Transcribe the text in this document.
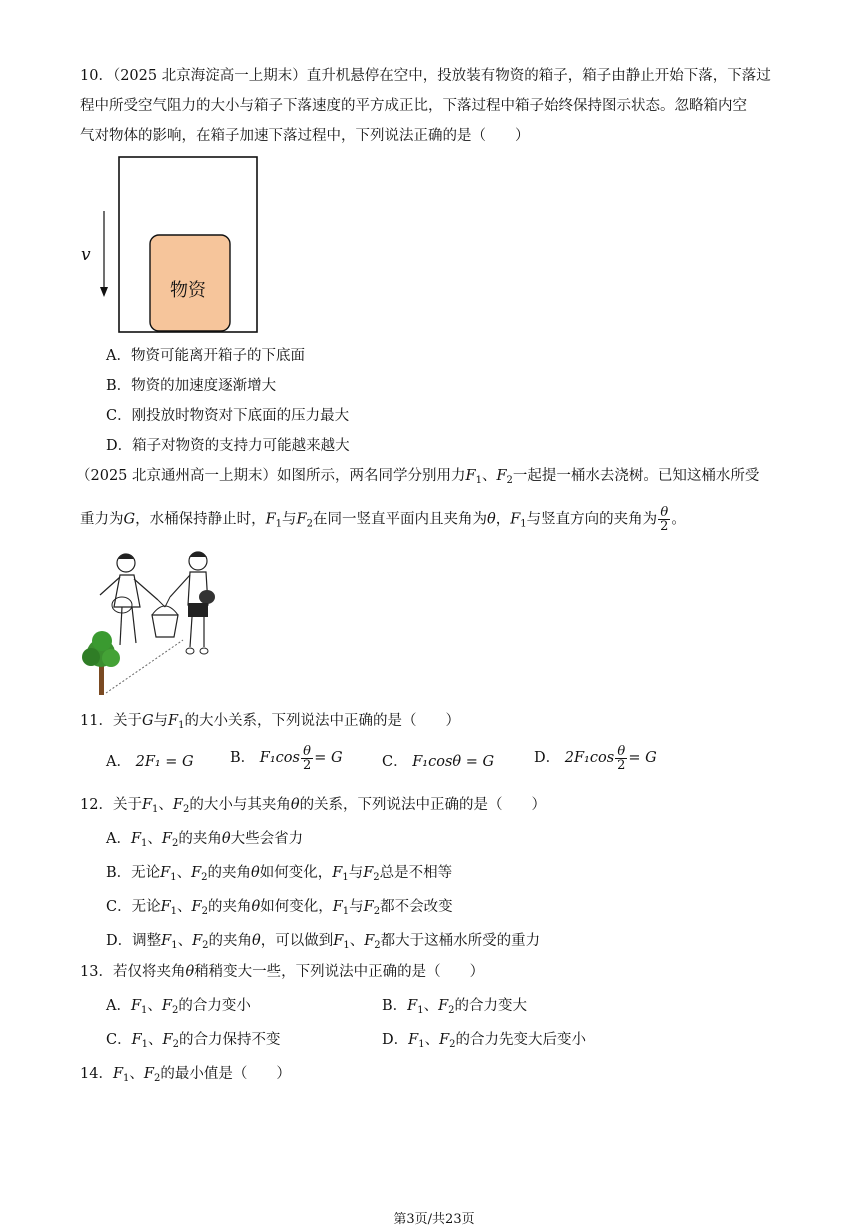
10．（2025 北京海淀高一上期末）直升机悬停在空中，投放装有物资的箱子，箱子由静止开始下落，下落过
程中所受空气阻力的大小与箱子下落速度的平方成正比，下落过程中箱子始终保持图示状态。忽略箱内空
气对物体的影响，在箱子加速下落过程中，下列说法正确的是（　　）
v
物资
A．物资可能离开箱子的下底面
B．物资的加速度逐渐增大
C．刚投放时物资对下底面的压力最大
D．箱子对物资的支持力可能越来越大
（2025 北京通州高一上期末）如图所示，两名同学分别用力$F_1$、$F_2$一起提一桶水去浇树。已知这桶水所受
重力为G，水桶保持静止时，$F_1$与$F_2$在同一竖直平面内且夹角为θ，$F_1$与竖直方向的夹角为 $\frac{\theta}{2}$ 。
11．关于G与$F_1$的大小关系，下列说法中正确的是（　　）
A． 2F₁ = G	B． $F_1\cos \frac{\theta}{2} = G$	C． F₁cosθ = G	D． $2F_1\cos \frac{\theta}{2} = G$
12．关于$F_1$、$F_2$的大小与其夹角θ的关系，下列说法中正确的是（　　）
A．$F_1$、$F_2$的夹角θ大些会省力
B．无论$F_1$、$F_2$的夹角θ如何变化，$F_1$与$F_2$总是不相等
C．无论$F_1$、$F_2$的夹角θ如何变化，$F_1$与$F_2$都不会改变
D．调整$F_1$、$F_2$的夹角θ，可以做到$F_1$、$F_2$都大于这桶水所受的重力
13．若仅将夹角θ稍稍变大一些，下列说法中正确的是（　　）
A．$F_1$、$F_2$的合力变小	B．$F_1$、$F_2$的合力变大
C．$F_1$、$F_2$的合力保持不变	D．$F_1$、$F_2$的合力先变大后变小
14．$F_1$、$F_2$的最小值是（　　）
第3页/共23页
